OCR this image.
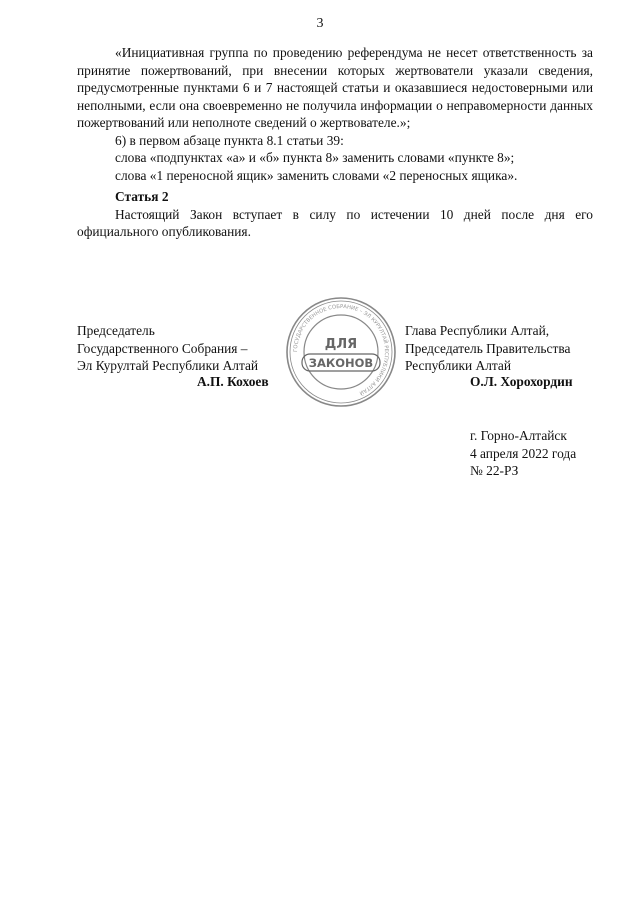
3

«Инициативная группа по проведению референдума не несет ответственность за принятие пожертвований, при внесении которых жертвователи указали сведения, предусмотренные пунктами 6 и 7 настоящей статьи и оказавшиеся недостоверными или неполными, если она своевременно не получила информации о неправомерности данных пожертвований или неполноте сведений о жертвователе.»;

6) в первом абзаце пункта 8.1 статьи 39:

слова «подпунктах «а» и «б» пункта 8» заменить словами «пункте 8»;

слова «1 переносной ящик» заменить словами «2 переносных ящика».

Статья 2

Настоящий Закон вступает в силу по истечении 10 дней после дня его официального опубликования.

Председатель
Государственного Собрания –
Эл Курултай Республики Алтай
А.П. Кохоев
Глава Республики Алтай,
Председатель Правительства
Республики Алтай
О.Л. Хорохордин
ГОСУДАРСТВЕННОЕ СОБРАНИЕ – ЭЛ КУРУЛТАЙ РЕСПУБЛИКИ АЛТАЙ
ДЛЯ
ЗАКОНОВ
г. Горно-Алтайск
4 апреля 2022 года
№ 22-РЗ
